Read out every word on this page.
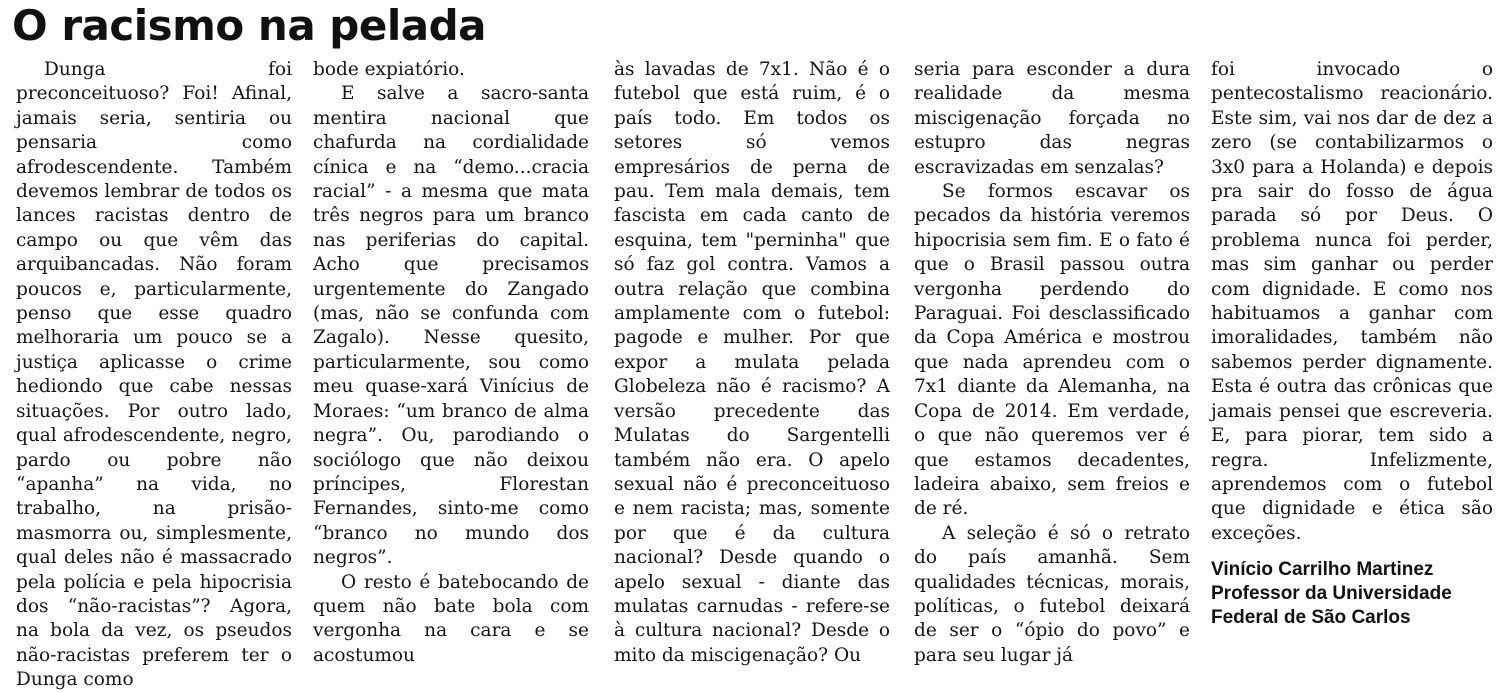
O racismo na pelada

Dunga foi preconceituoso? Foi! Afinal, jamais seria, sentiria ou pensaria como afrodescendente. Também devemos lembrar de todos os lances racistas dentro de campo ou que vêm das arquibancadas. Não foram poucos e, particularmente, penso que esse quadro melhoraria um pouco se a justiça aplicasse o crime hediondo que cabe nessas situações. Por outro lado, qual afrodescendente, negro, pardo ou pobre não “apanha” na vida, no trabalho, na prisão-masmorra ou, simplesmente, qual deles não é massacrado pela polícia e pela hipocrisia dos “não-racistas”? Agora, na bola da vez, os pseudos não-racistas preferem ter o Dunga como

bode expiatório.

E salve a sacro-santa mentira nacional que chafurda na cordialidade cínica e na “demo...cracia racial” - a mesma que mata três negros para um branco nas periferias do capital. Acho que precisamos urgentemente do Zangado (mas, não se confunda com Zagalo). Nesse quesito, particularmente, sou como meu quase-xará Vinícius de Moraes: “um branco de alma negra”. Ou, parodiando o sociólogo que não deixou príncipes, Florestan Fernandes, sinto-me como “branco no mundo dos negros”.

O resto é batebocando de quem não bate bola com vergonha na cara e se acostumou

às lavadas de 7x1. Não é o futebol que está ruim, é o país todo. Em todos os setores só vemos empresários de perna de pau. Tem mala demais, tem fascista em cada canto de esquina, tem "perninha" que só faz gol contra. Vamos a outra relação que combina amplamente com o futebol: pagode e mulher. Por que expor a mulata pelada Globeleza não é racismo? A versão precedente das Mulatas do Sargentelli também não era. O apelo sexual não é preconceituoso e nem racista; mas, somente por que é da cultura nacional? Desde quando o apelo sexual - diante das mulatas carnudas - refere-se à cultura nacional? Desde o mito da miscigenação? Ou

seria para esconder a dura realidade da mesma miscigenação forçada no estupro das negras escravizadas em senzalas?

Se formos escavar os pecados da história veremos hipocrisia sem fim. E o fato é que o Brasil passou outra vergonha perdendo do Paraguai. Foi desclassificado da Copa América e mostrou que nada aprendeu com o 7x1 diante da Alemanha, na Copa de 2014. Em verdade, o que não queremos ver é que estamos decadentes, ladeira abaixo, sem freios e de ré.

A seleção é só o retrato do país amanhã. Sem qualidades técnicas, morais, políticas, o futebol deixará de ser o “ópio do povo” e para seu lugar já

foi invocado o pentecostalismo reacionário. Este sim, vai nos dar de dez a zero (se contabilizarmos o 3x0 para a Holanda) e depois pra sair do fosso de água parada só por Deus. O problema nunca foi perder, mas sim ganhar ou perder com dignidade. E como nos habituamos a ganhar com imoralidades, também não sabemos perder dignamente. Esta é outra das crônicas que jamais pensei que escreveria. E, para piorar, tem sido a regra. Infelizmente, aprendemos com o futebol que dignidade e ética são exceções.

Vinício Carrilho Martinez
Professor da Universidade
Federal de São Carlos
